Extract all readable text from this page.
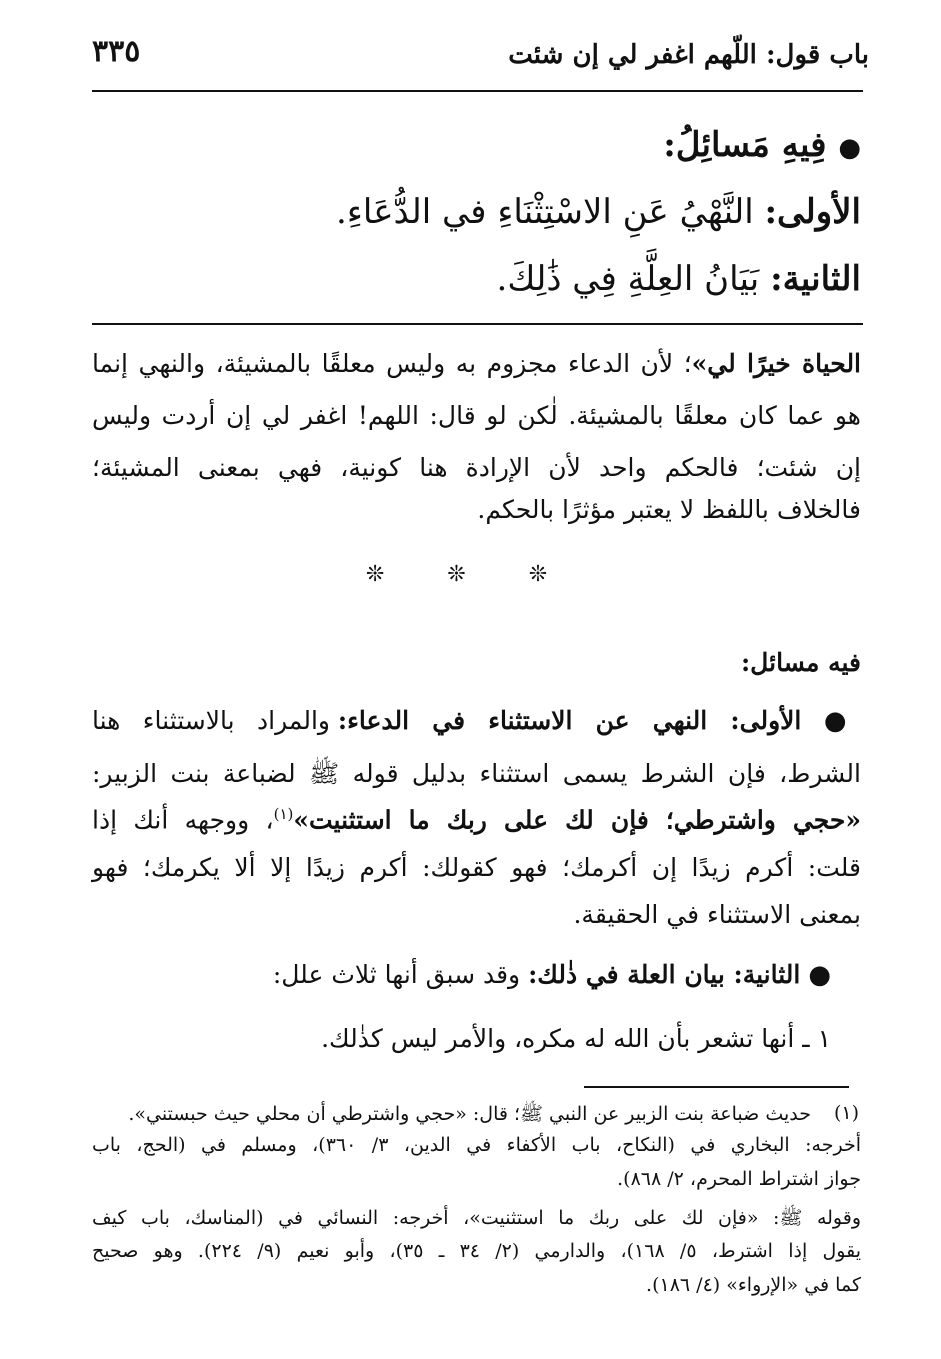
باب قول: اللّهم اغفر لي إن شئت
٣٣٥
● فِيهِ مَسائِلُ:
الأولى: النَّهْيُ عَنِ الاسْتِثْنَاءِ في الدُّعَاءِ.
الثانية: بَيَانُ العِلَّةِ فِي ذَٰلِكَ.
الحياة خيرًا لي»؛ لأن الدعاء مجزوم به وليس معلقًا بالمشيئة، والنهي إنما
هو عما كان معلقًا بالمشيئة. لٰكن لو قال: اللهم! اغفر لي إن أردت وليس
إن شئت؛ فالحكم واحد لأن الإرادة هنا كونية، فهي بمعنى المشيئة؛
فالخلاف باللفظ لا يعتبر مؤثرًا بالحكم.
❊ ❊ ❊
فيه مسائل:
● الأولى: النهي عن الاستثناء في الدعاء: والمراد بالاستثناء هنا
الشرط، فإن الشرط يسمى استثناء بدليل قوله ﷺ لضباعة بنت الزبير:
«حجي واشترطي؛ فإن لك على ربك ما استثنيت»$^{(١)}$، ووجهه أنك إذا
قلت: أكرم زيدًا إن أكرمك؛ فهو كقولك: أكرم زيدًا إلا ألا يكرمك؛ فهو
بمعنى الاستثناء في الحقيقة.
● الثانية: بيان العلة في ذٰلك: وقد سبق أنها ثلاث علل:
١ ـ أنها تشعر بأن الله له مكره، والأمر ليس كذٰلك.
(١)
حديث ضباعة بنت الزبير عن النبي ﷺ؛ قال: «حجي واشترطي أن محلي حيث حبستني».
أخرجه: البخاري في (النكاح، باب الأكفاء في الدين، ٣/ ٣٦٠)، ومسلم في (الحج، باب
جواز اشتراط المحرم، ٢/ ٨٦٨).
وقوله ﷺ: «فإن لك على ربك ما استثنيت»، أخرجه: النسائي في (المناسك، باب كيف
يقول إذا اشترط، ٥/ ١٦٨)، والدارمي (٢/ ٣٤ ـ ٣٥)، وأبو نعيم (٩/ ٢٢٤). وهو صحيح
كما في «الإرواء» (٤/ ١٨٦).
